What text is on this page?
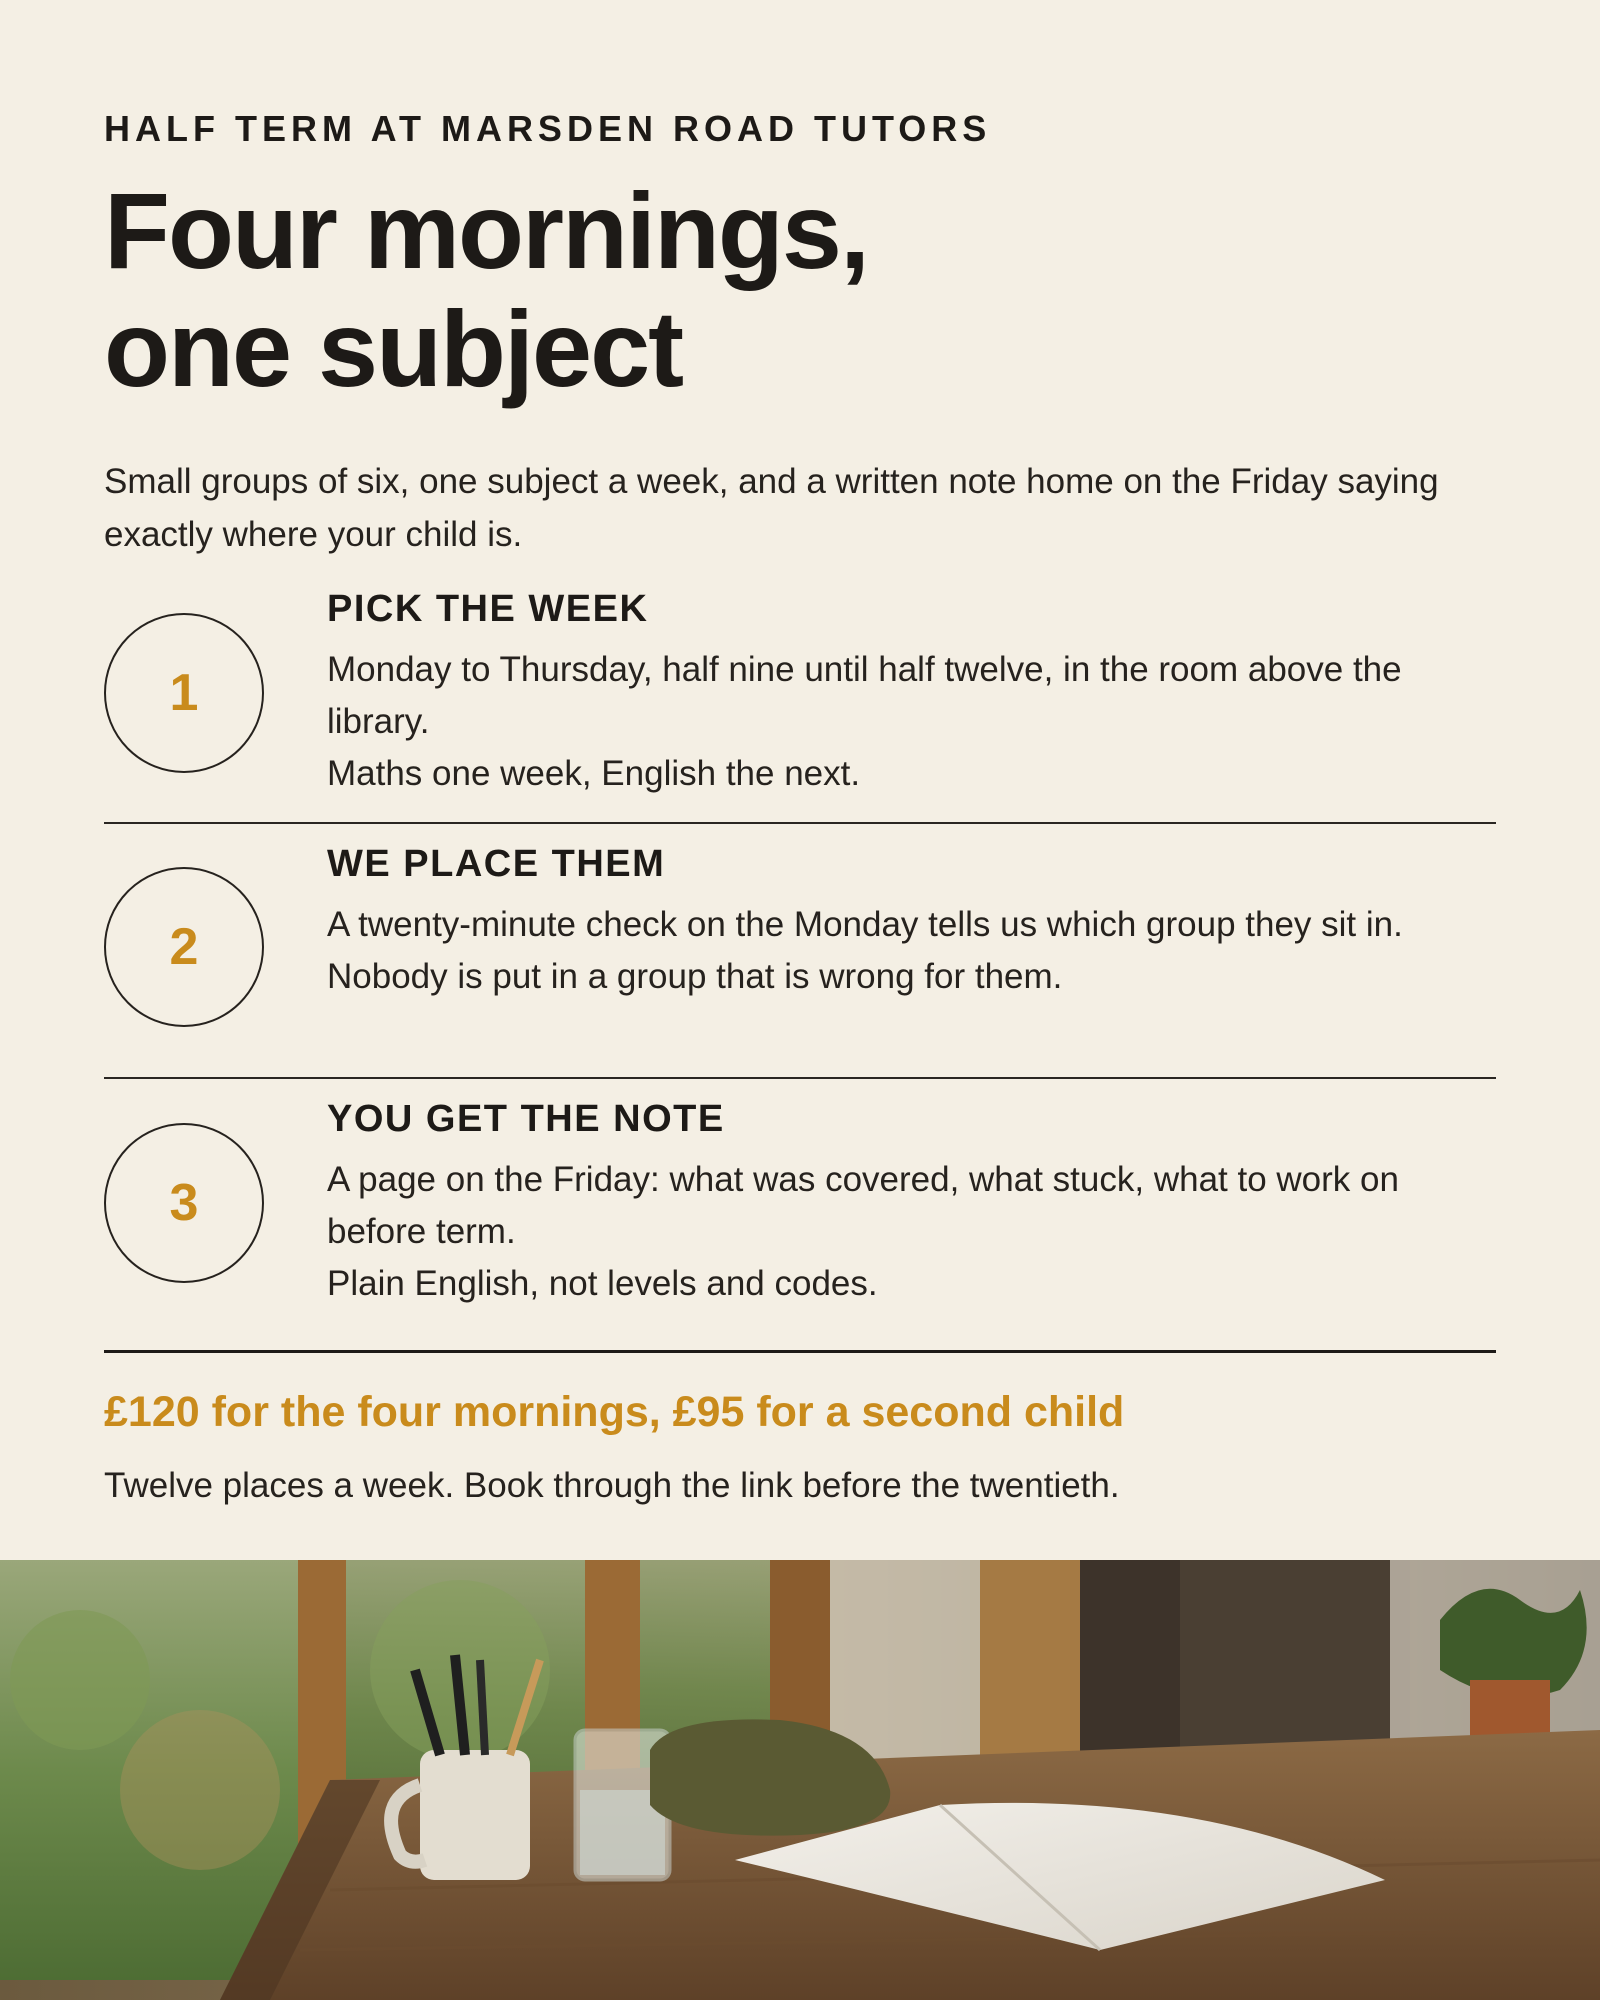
HALF TERM AT MARSDEN ROAD TUTORS
Four mornings,
one subject
Small groups of six, one subject a week, and a written note home on the Friday saying exactly where your child is.
1
PICK THE WEEK

Monday to Thursday, half nine until half twelve, in the room above the library.

Maths one week, English the next.

2
WE PLACE THEM

A twenty-minute check on the Monday tells us which group they sit in.

Nobody is put in a group that is wrong for them.

3
YOU GET THE NOTE

A page on the Friday: what was covered, what stuck, what to work on before term.

Plain English, not levels and codes.

£120 for the four mornings, £95 for a second child
Twelve places a week. Book through the link before the twentieth.
